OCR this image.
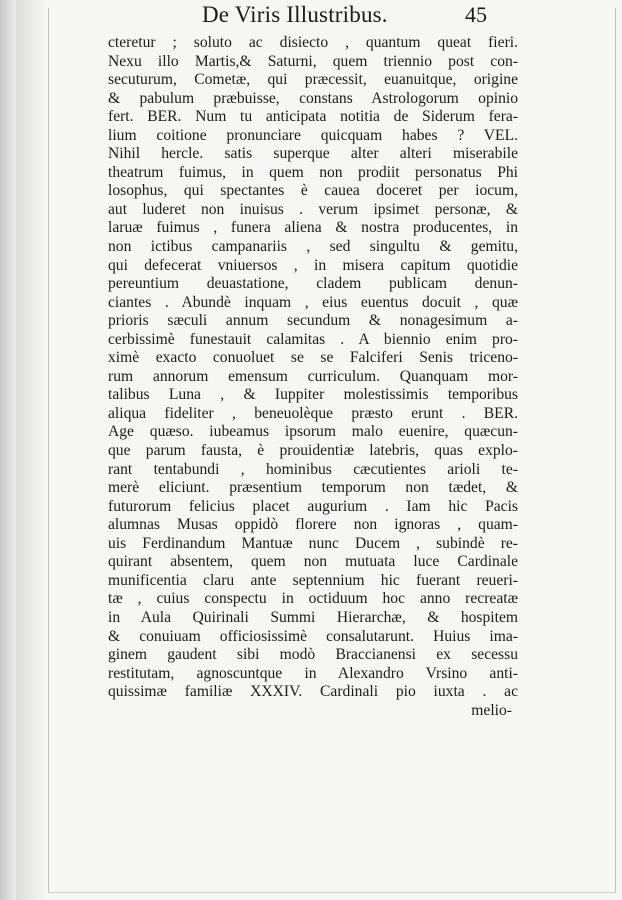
De Viris Illustribus.	45
cteretur ; soluto ac disiecto , quantum queat fieri.
Nexu illo Martis,& Saturni, quem triennio post con-
secuturum, Cometæ, qui præcessit, euanuitque, origine
& pabulum præbuisse, constans Astrologorum opinio
fert. BER. Num tu anticipata notitia de Siderum fera-
lium coitione pronunciare quicquam habes ? VEL.
Nihil hercle. satis superque alter alteri miserabile
theatrum fuimus, in quem non prodiit personatus Phi
losophus, qui spectantes è cauea doceret per iocum,
aut luderet non inuisus . verum ipsimet personæ, &
laruæ fuimus , funera aliena & nostra producentes, in
non ictibus campanariis , sed singultu & gemitu,
qui defecerat vniuersos , in misera capitum quotidie
pereuntium deuastatione, cladem publicam denun-
ciantes . Abundè inquam , eius euentus docuit , quæ
prioris sæculi annum secundum & nonagesimum a-
cerbissimè funestauit calamitas . A biennio enim pro-
ximè exacto conuoluet se se Falciferi Senis triceno-
rum annorum emensum curriculum. Quanquam mor-
talibus Luna , & Iuppiter molestissimis temporibus
aliqua fideliter , beneuolèque præsto erunt . BER.
Age quæso. iubeamus ipsorum malo euenire, quæcun-
que parum fausta, è prouidentiæ latebris, quas explo-
rant tentabundi , hominibus cæcutientes arioli te-
merè eliciunt. præsentium temporum non tædet, &
futurorum felicius placet augurium . Iam hic Pacis
alumnas Musas oppidò florere non ignoras , quam-
uis Ferdinandum Mantuæ nunc Ducem , subindè re-
quirant absentem, quem non mutuata luce Cardinale
munificentia claru ante septennium hic fuerant reueri-
tæ , cuius conspectu in octiduum hoc anno recreatæ
in Aula Quirinali Summi Hierarchæ, & hospitem
& conuiuam officiosissimè consalutarunt. Huius ima-
ginem gaudent sibi modò Braccianensi ex secessu
restitutam, agnoscuntque in Alexandro Vrsino anti-
quissimæ familiæ XXXIV. Cardinali pio iuxta . ac
melio-
